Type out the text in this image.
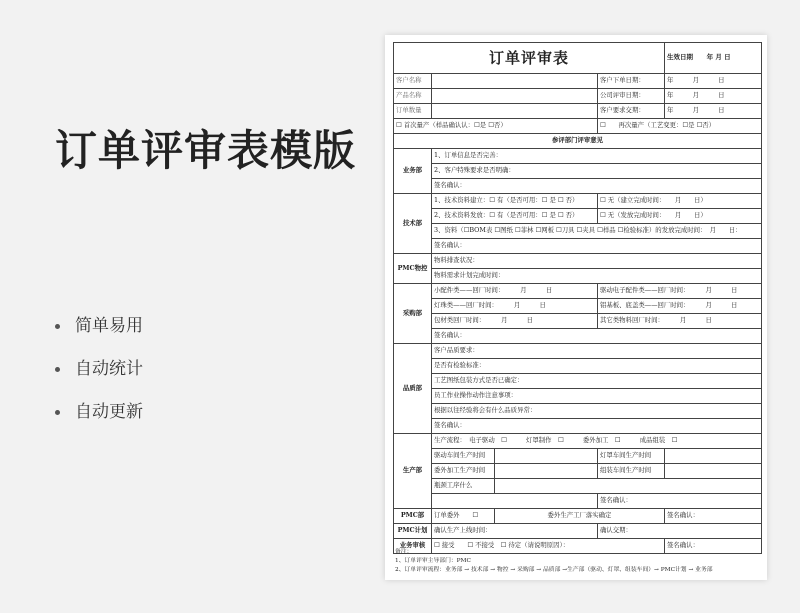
订单评审表模版
简单易用
自动统计
自动更新
订单评审表				生效日期 年 月 日
客户名称			客户下单日期：	年　　　月　　　日
产品名称			公司评审日期：	年　　　月　　　日
订单数量			客户要求交期：	年　　　月　　　日
☐ 首次量产（样品确认认：☐是 ☐否）			☐　　再次量产（工艺变更：☐是 ☐否）	
参评部门评审意见				
业务部	1、订单信息是否完善：			
	2、客户特殊要求是否明确：			
	签名确认：			
技术部	1、技术资料建立：☐ 有（是否可用：☐ 是 ☐ 否）		☐ 无（建立完成时间：　　月　　日）	
	2、技术资料发放：☐ 有（是否可用：☐ 是 ☐ 否）		☐ 无（发放完成时间：　　月　　日）	
	3、资料（☐BOM表 ☐图纸 ☐菲林 ☐网板 ☐刀具 ☐夹具 ☐样品 ☐检验标准）的发放完成时间：　月　　日：			
	签名确认：			
PMC物控	物料排查状况：			
	物料需求计划完成时间：			
采购部	小配件类——回厂时间：　　　月　　　日		驱动电子配件类——回厂时间：　　　月　　　日	
	灯珠类——回厂时间：　　　月　　　日		铝基板、底盖类——回厂时间：　　　月　　　日	
	包材类回厂时间：　　　月　　　日		其它类物料回厂时间：　　　月　　　日	
	签名确认：			
品质部	客户品质要求：			
	是否有检验标准：			
	工艺图纸包装方式是否已确定：			
	员工作业操作动作注意事项：			
	根据以往经验将会有什么品质异常：			
	签名确认：			
生产部	生产流程：　电子驱动　☐　　　灯罩制作　☐　　　委外加工　☐　　　成品组装　☐			
	驱动车间生产时间		灯罩车间生产时间	
	委外加工生产时间		组装车间生产时间	
	瓶颈工序什么			
			签名确认：	
PMC部	订单委外　　☐	委外生产工厂落实确定		签名确认：
PMC计划	确认生产上线时间：		确认交期：	
业务审核	☐ 接受　　☐ 不接受　☐ 待定（请说明原因）：			签名确认：
备注：
1、订单评审主导部门：PMC
2、订单评审流程：业务部 → 技术部 → 物控 → 采购部 → 品质部 →生产部（驱动、灯罩、组装车间）→ PMC计划 → 业务部
